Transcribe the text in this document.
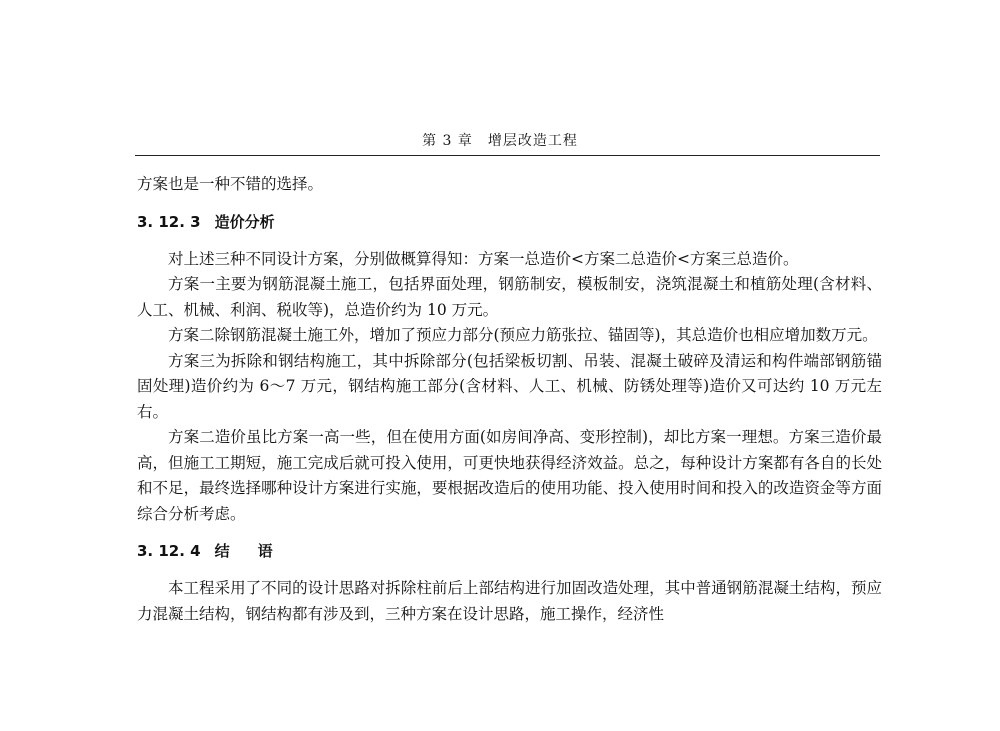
第 3 章　增层改造工程

方案也是一种不错的选择。

3. 12. 3 造价分析

对上述三种不同设计方案，分别做概算得知：方案一总造价<方案二总造价<方案三总造价。

方案一主要为钢筋混凝土施工，包括界面处理，钢筋制安，模板制安，浇筑混凝土和植筋处理(含材料、人工、机械、利润、税收等)，总造价约为 10 万元。

方案二除钢筋混凝土施工外，增加了预应力部分(预应力筋张拉、锚固等)，其总造价也相应增加数万元。

方案三为拆除和钢结构施工，其中拆除部分(包括梁板切割、吊装、混凝土破碎及清运和构件端部钢筋锚固处理)造价约为 6～7 万元，钢结构施工部分(含材料、人工、机械、防锈处理等)造价又可达约 10 万元左右。

方案二造价虽比方案一高一些，但在使用方面(如房间净高、变形控制)，却比方案一理想。方案三造价最高，但施工工期短，施工完成后就可投入使用，可更快地获得经济效益。总之，每种设计方案都有各自的长处和不足，最终选择哪种设计方案进行实施，要根据改造后的使用功能、投入使用时间和投入的改造资金等方面综合分析考虑。

3. 12. 4 结语

本工程采用了不同的设计思路对拆除柱前后上部结构进行加固改造处理，其中普通钢筋混凝土结构，预应力混凝土结构，钢结构都有涉及到，三种方案在设计思路，施工操作，经济性
